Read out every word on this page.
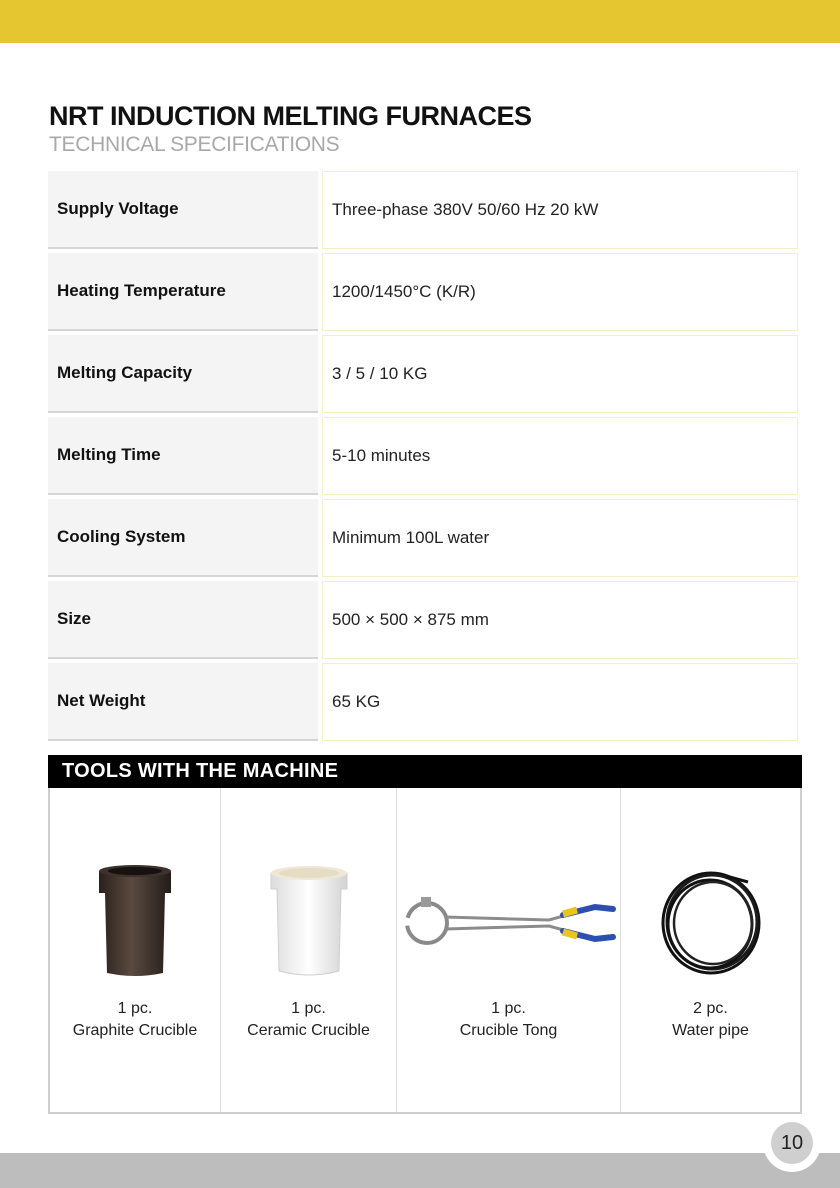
NRT INDUCTION MELTING FURNACES
TECHNICAL SPECIFICATIONS
Supply Voltage	Three-phase 380V 50/60 Hz 20 kW
Heating Temperature	1200/1450°C (K/R)
Melting Capacity	3 / 5 / 10 KG
Melting Time	5-10 minutes
Cooling System	Minimum 100L water
Size	500 × 500 × 875 mm
Net Weight	65 KG
TOOLS WITH THE MACHINE
1 pc.
Graphite Crucible
1 pc.
Ceramic Crucible
1 pc.
Crucible Tong
2 pc.
Water pipe
10
